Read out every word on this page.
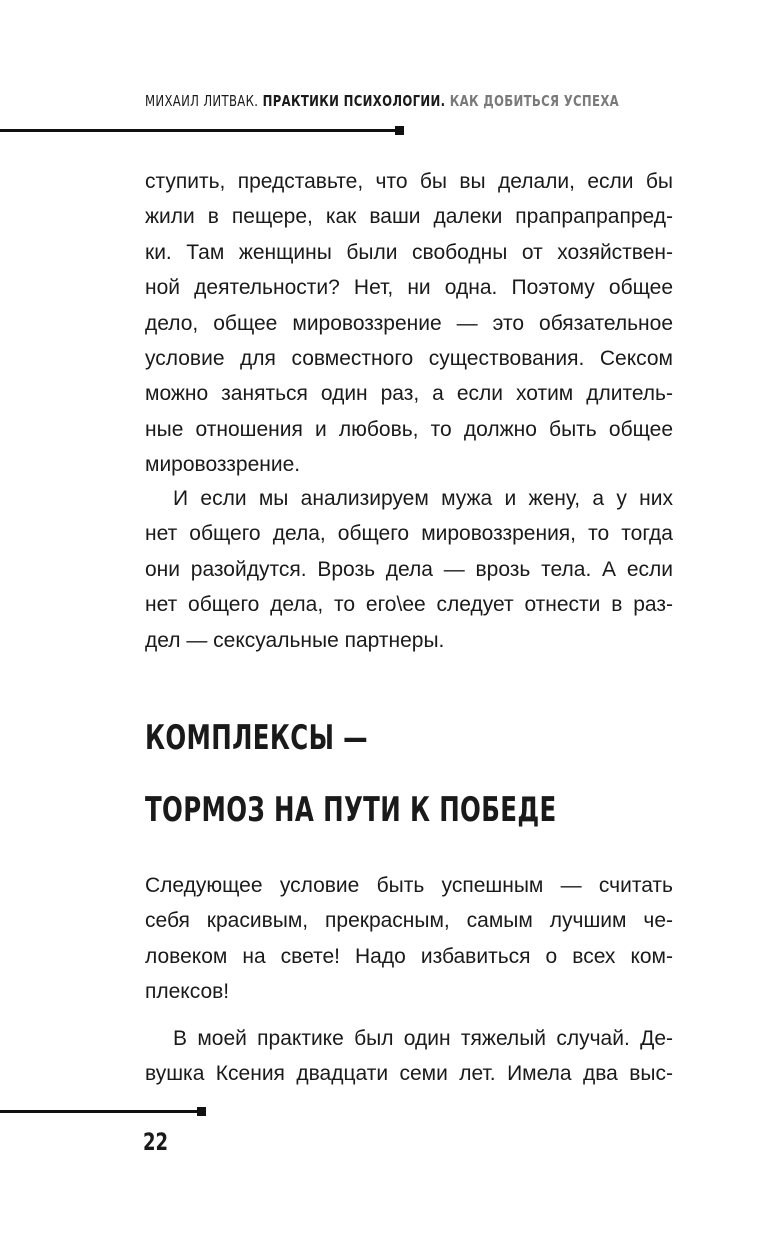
МИХАИЛ ЛИТВАК. ПРАКТИКИ ПСИХОЛОГИИ. КАК ДОБИТЬСЯ УСПЕХА
ступить, представьте, что бы вы делали, если бы
жили в пещере, как ваши далеки прапрапрапред-
ки. Там женщины были свободны от хозяйствен-
ной деятельности? Нет, ни одна. Поэтому общее
дело, общее мировоззрение — это обязательное
условие для совместного существования. Сексом
можно заняться один раз, а если хотим длитель-
ные отношения и любовь, то должно быть общее
мировоззрение.
И если мы анализируем мужа и жену, а у них
нет общего дела, общего мировоззрения, то тогда
они разойдутся. Врозь дела — врозь тела. А если
нет общего дела, то его\ее следует отнести в раз-
дел — сексуальные партнеры.
КОМПЛЕКСЫ —
ТОРМОЗ НА ПУТИ К ПОБЕДЕ
Следующее условие быть успешным — считать
себя красивым, прекрасным, самым лучшим че-
ловеком на свете! Надо избавиться о всех ком-
плексов!
В моей практике был один тяжелый случай. Де-
вушка Ксения двадцати семи лет. Имела два выс-
22
